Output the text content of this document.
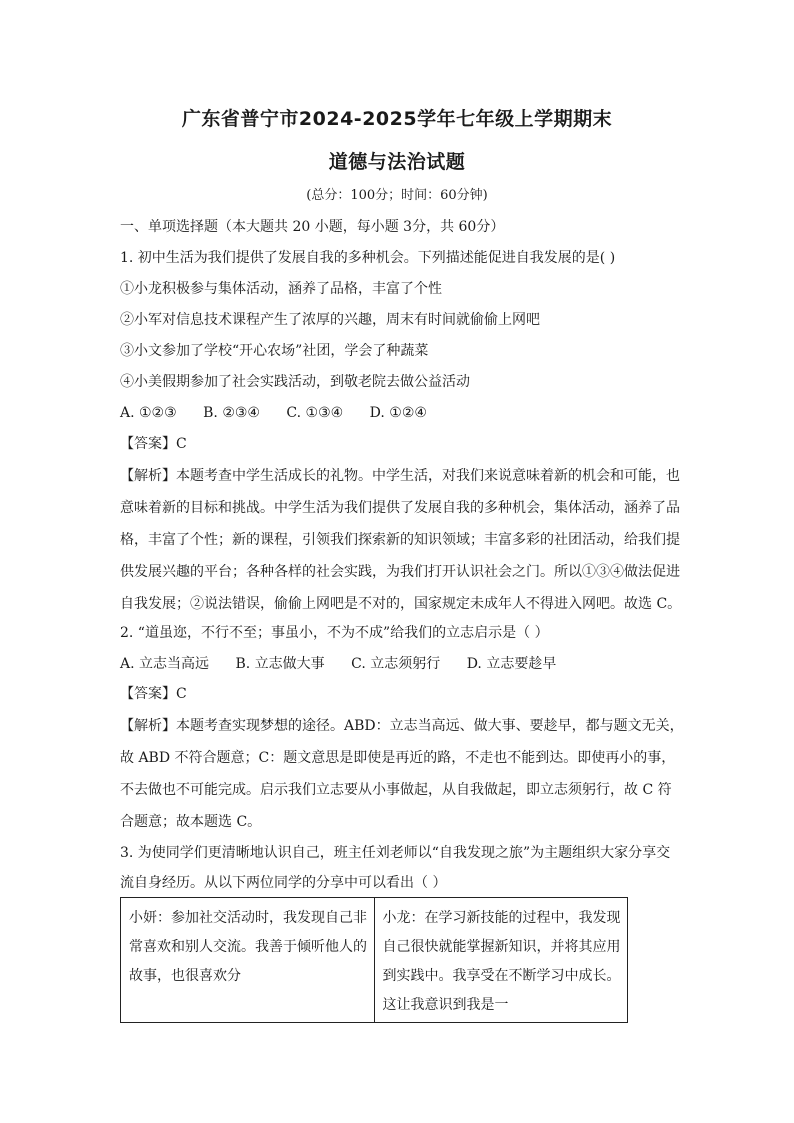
广东省普宁市2024-2025学年七年级上学期期末
道德与法治试题
(总分：100分；时间：60分钟)
一、单项选择题（本大题共 20 小题，每小题 3分，共 60分）
1. 初中生活为我们提供了发展自我的多种机会。下列描述能促进自我发展的是( )
①小龙积极参与集体活动，涵养了品格，丰富了个性
②小军对信息技术课程产生了浓厚的兴趣，周末有时间就偷偷上网吧
③小文参加了学校“开心农场”社团，学会了种蔬菜
④小美假期参加了社会实践活动，到敬老院去做公益活动
A. ①②③ B. ②③④ C. ①③④ D. ①②④
【答案】C
【解析】本题考查中学生活成长的礼物。中学生活，对我们来说意味着新的机会和可能，也
意味着新的目标和挑战。中学生活为我们提供了发展自我的多种机会，集体活动，涵养了品
格，丰富了个性；新的课程，引领我们探索新的知识领域；丰富多彩的社团活动，给我们提
供发展兴趣的平台；各种各样的社会实践，为我们打开认识社会之门。所以①③④做法促进
自我发展；②说法错误，偷偷上网吧是不对的，国家规定未成年人不得进入网吧。故选 C。
2. “道虽迩，不行不至；事虽小，不为不成”给我们的立志启示是（ ）
A. 立志当高远 B. 立志做大事 C. 立志须躬行 D. 立志要趁早
【答案】C
【解析】本题考查实现梦想的途径。ABD：立志当高远、做大事、要趁早，都与题文无关，
故 ABD 不符合题意；C：题文意思是即使是再近的路，不走也不能到达。即使再小的事，
不去做也不可能完成。启示我们立志要从小事做起，从自我做起，即立志须躬行，故 C 符
合题意；故本题选 C。
3. 为使同学们更清晰地认识自己，班主任刘老师以“自我发现之旅”为主题组织大家分享交
流自身经历。从以下两位同学的分享中可以看出（ ）
小妍：参加社交活动时，我发现自己非常喜欢和别人交流。我善于倾听他人的故事，也很喜欢分	小龙：在学习新技能的过程中，我发现自己很快就能掌握新知识，并将其应用到实践中。我享受在不断学习中成长。这让我意识到我是一
